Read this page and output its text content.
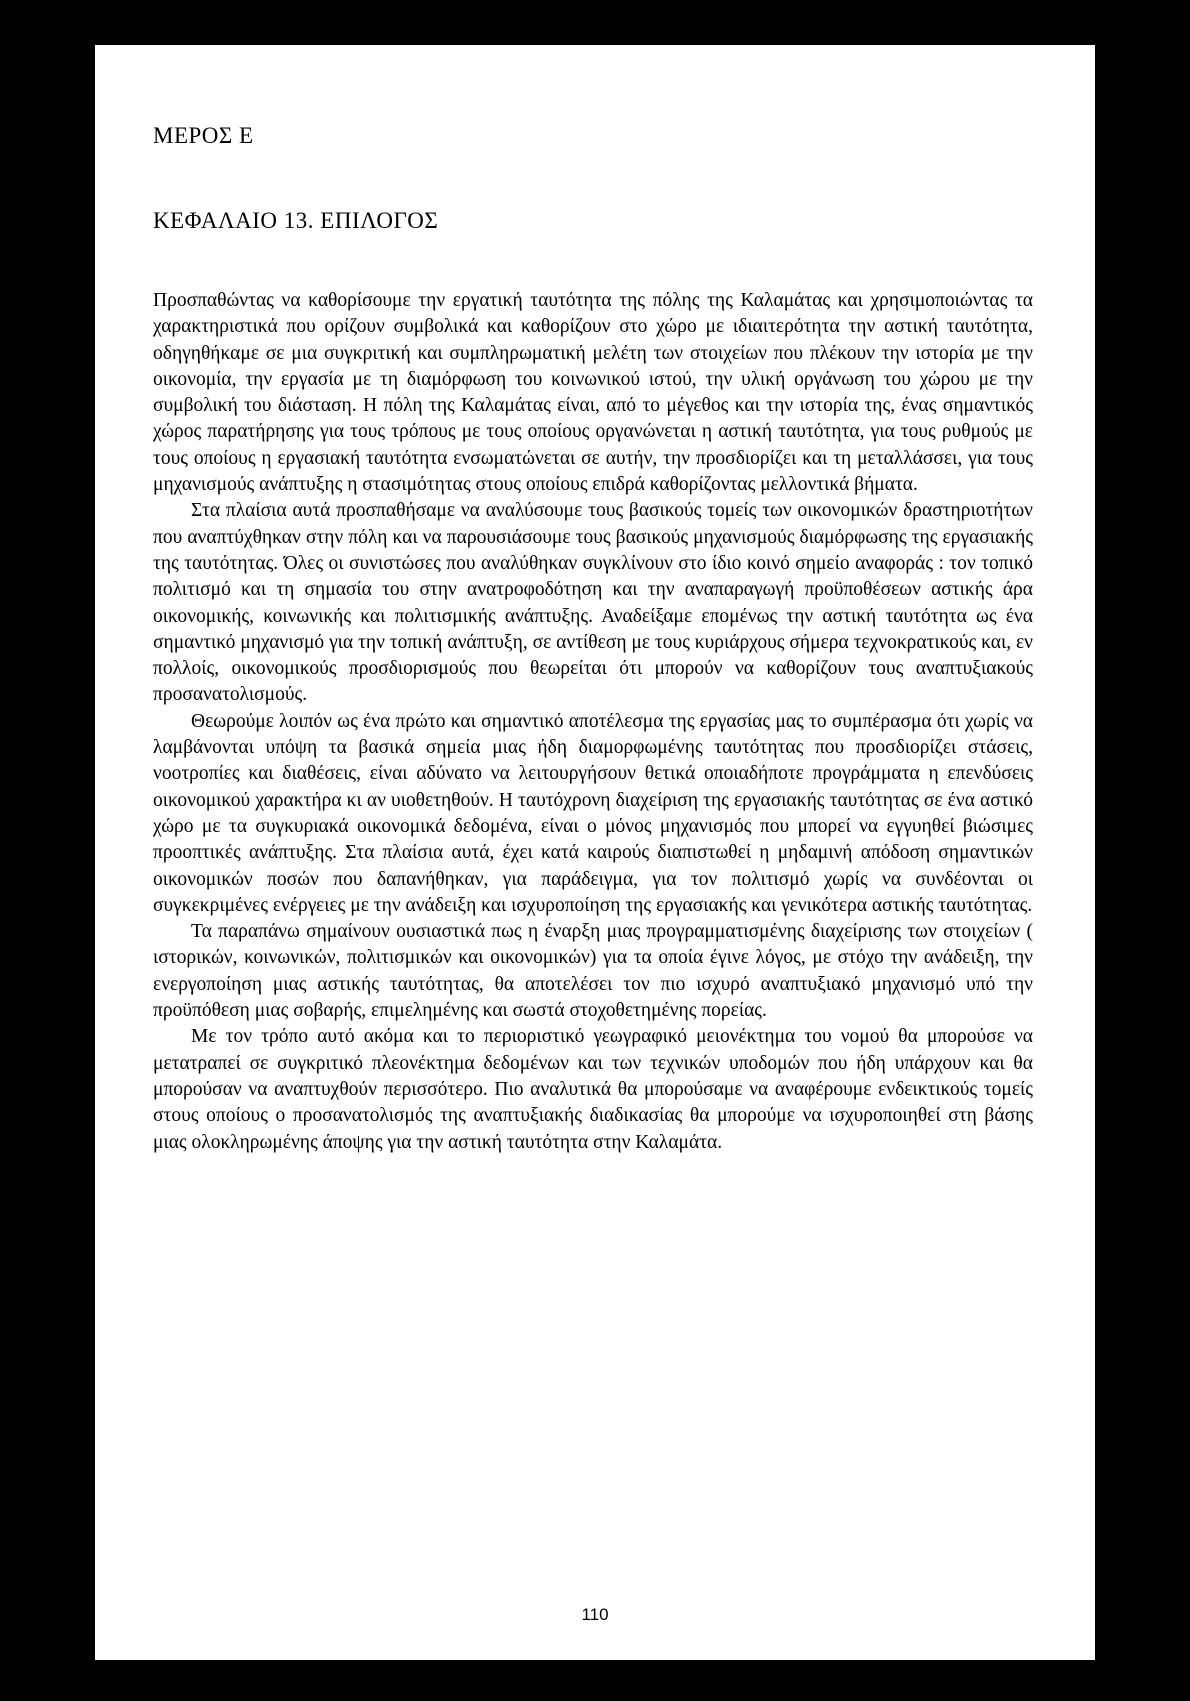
ΜΕΡΟΣ Ε
ΚΕΦΑΛΑΙΟ 13. ΕΠΙΛΟΓΟΣ

Προσπαθώντας να καθορίσουμε την εργατική ταυτότητα της πόλης της Καλαμάτας και χρησιμοποιώντας τα χαρακτηριστικά που ορίζουν συμβολικά και καθορίζουν στο χώρο με ιδιαιτερότητα την αστική ταυτότητα, οδηγηθήκαμε σε μια συγκριτική και συμπληρωματική μελέτη των στοιχείων που πλέκουν την ιστορία με την οικονομία, την εργασία με τη διαμόρφωση του κοινωνικού ιστού, την υλική οργάνωση του χώρου με την συμβολική του διάσταση. Η πόλη της Καλαμάτας είναι, από το μέγεθος και την ιστορία της, ένας σημαντικός χώρος παρατήρησης για τους τρόπους με τους οποίους οργανώνεται η αστική ταυτότητα, για τους ρυθμούς με τους οποίους η εργασιακή ταυτότητα ενσωματώνεται σε αυτήν, την προσδιορίζει και τη μεταλλάσσει, για τους μηχανισμούς ανάπτυξης η στασιμότητας στους οποίους επιδρά καθορίζοντας μελλοντικά βήματα.

Στα πλαίσια αυτά προσπαθήσαμε να αναλύσουμε τους βασικούς τομείς των οικονομικών δραστηριοτήτων που αναπτύχθηκαν στην πόλη και να παρουσιάσουμε τους βασικούς μηχανισμούς διαμόρφωσης της εργασιακής της ταυτότητας. Όλες οι συνιστώσες που αναλύθηκαν συγκλίνουν στο ίδιο κοινό σημείο αναφοράς : τον τοπικό πολιτισμό και τη σημασία του στην ανατροφοδότηση και την αναπαραγωγή προϋποθέσεων αστικής άρα οικονομικής, κοινωνικής και πολιτισμικής ανάπτυξης. Αναδείξαμε επομένως την αστική ταυτότητα ως ένα σημαντικό μηχανισμό για την τοπική ανάπτυξη, σε αντίθεση με τους κυριάρχους σήμερα τεχνοκρατικούς και, εν πολλοίς, οικονομικούς προσδιορισμούς που θεωρείται ότι μπορούν να καθορίζουν τους αναπτυξιακούς προσανατολισμούς.

Θεωρούμε λοιπόν ως ένα πρώτο και σημαντικό αποτέλεσμα της εργασίας μας το συμπέρασμα ότι χωρίς να λαμβάνονται υπόψη τα βασικά σημεία μιας ήδη διαμορφωμένης ταυτότητας που προσδιορίζει στάσεις, νοοτροπίες και διαθέσεις, είναι αδύνατο να λειτουργήσουν θετικά οποιαδήποτε προγράμματα η επενδύσεις οικονομικού χαρακτήρα κι αν υιοθετηθούν. Η ταυτόχρονη διαχείριση της εργασιακής ταυτότητας σε ένα αστικό χώρο με τα συγκυριακά οικονομικά δεδομένα, είναι ο μόνος μηχανισμός που μπορεί να εγγυηθεί βιώσιμες προοπτικές ανάπτυξης. Στα πλαίσια αυτά, έχει κατά καιρούς διαπιστωθεί η μηδαμινή απόδοση σημαντικών οικονομικών ποσών που δαπανήθηκαν, για παράδειγμα, για τον πολιτισμό χωρίς να συνδέονται οι συγκεκριμένες ενέργειες με την ανάδειξη και ισχυροποίηση της εργασιακής και γενικότερα αστικής ταυτότητας.

Τα παραπάνω σημαίνουν ουσιαστικά πως η έναρξη μιας προγραμματισμένης διαχείρισης των στοιχείων ( ιστορικών, κοινωνικών, πολιτισμικών και οικονομικών) για τα οποία έγινε λόγος, με στόχο την ανάδειξη, την ενεργοποίηση μιας αστικής ταυτότητας, θα αποτελέσει τον πιο ισχυρό αναπτυξιακό μηχανισμό υπό την προϋπόθεση μιας σοβαρής, επιμελημένης και σωστά στοχοθετημένης πορείας.

Με τον τρόπο αυτό ακόμα και το περιοριστικό γεωγραφικό μειονέκτημα του νομού θα μπορούσε να μετατραπεί σε συγκριτικό πλεονέκτημα δεδομένων και των τεχνικών υποδομών που ήδη υπάρχουν και θα μπορούσαν να αναπτυχθούν περισσότερο. Πιο αναλυτικά θα μπορούσαμε να αναφέρουμε ενδεικτικούς τομείς στους οποίους ο προσανατολισμός της αναπτυξιακής διαδικασίας θα μπορούμε να ισχυροποιηθεί στη βάσης μιας ολοκληρωμένης άποψης για την αστική ταυτότητα στην Καλαμάτα.

110
